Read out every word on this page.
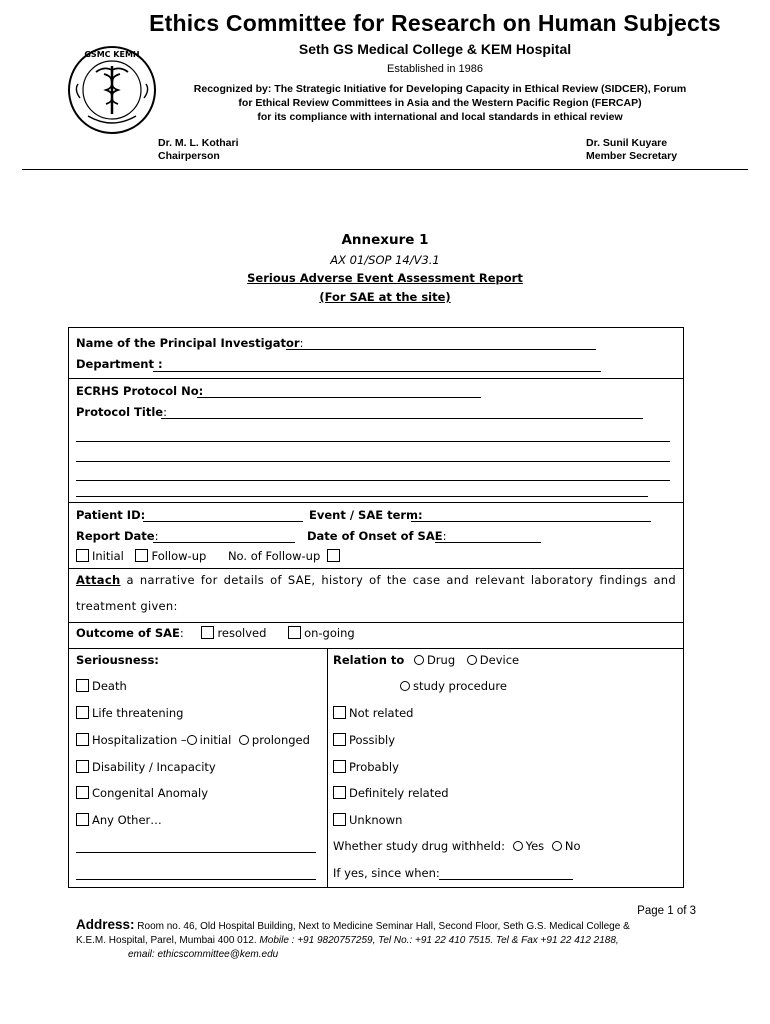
Ethics Committee for Research on Human Subjects
Seth GS Medical College & KEM Hospital
Established in 1986
GSMC KEMH
Recognized by: The Strategic Initiative for Developing Capacity in Ethical Review (SIDCER), Forum
for Ethical Review Committees in Asia and the Western Pacific Region (FERCAP)
for its compliance with international and local standards in ethical review
Dr. M. L. Kothari
Chairperson
Dr. Sunil Kuyare
Member Secretary
Annexure 1
AX 01/SOP 14/V3.1
Serious Adverse Event Assessment Report
(For SAE at the site)
Name of the Principal Investigator:
Department :
ECRHS Protocol No:
Protocol Title:
Patient ID:	Event / SAE term:
Report Date:	Date of Onset of SAE:
Initial Follow-up No. of Follow-up
Attach a narrative for details of SAE, history of the case and relevant laboratory findings and
treatment given:
Outcome of SAE:	resolved	on-going
Seriousness:	Relation to Drug Device
Death	study procedure
Life threatening	Not related
Hospitalization – initial prolonged	Possibly
Disability / Incapacity	Probably
Congenital Anomaly	Definitely related
Any Other…	Unknown
Whether study drug withheld: Yes No
If yes, since when:
Page 1 of 3
Address: Room no. 46, Old Hospital Building, Next to Medicine Seminar Hall, Second Floor, Seth G.S. Medical College &
K.E.M. Hospital, Parel, Mumbai 400 012. Mobile : +91 9820757259, Tel No.: +91 22 410 7515. Tel & Fax +91 22 412 2188,
email: ethicscommittee@kem.edu
